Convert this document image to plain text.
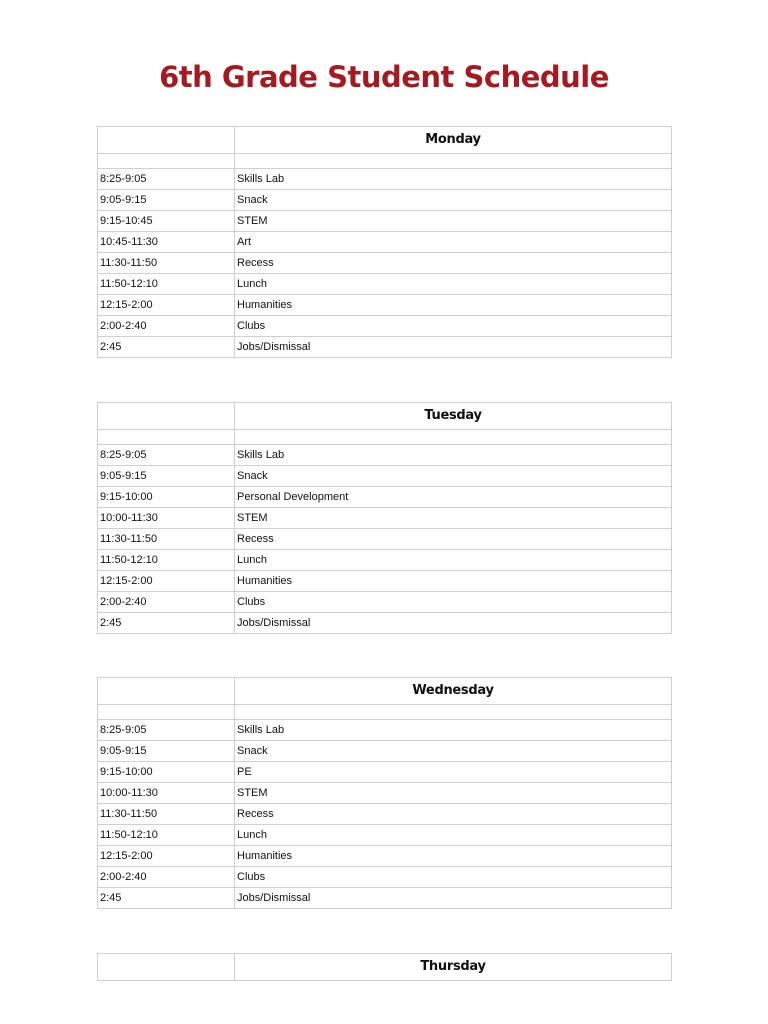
6th Grade Student Schedule
	Monday

8:25-9:05	Skills Lab
9:05-9:15	Snack
9:15-10:45	STEM
10:45-11:30	Art
11:30-11:50	Recess
11:50-12:10	Lunch
12:15-2:00	Humanities
2:00-2:40	Clubs
2:45	Jobs/Dismissal
	Tuesday

8:25-9:05	Skills Lab
9:05-9:15	Snack
9:15-10:00	Personal Development
10:00-11:30	STEM
11:30-11:50	Recess
11:50-12:10	Lunch
12:15-2:00	Humanities
2:00-2:40	Clubs
2:45	Jobs/Dismissal
	Wednesday

8:25-9:05	Skills Lab
9:05-9:15	Snack
9:15-10:00	PE
10:00-11:30	STEM
11:30-11:50	Recess
11:50-12:10	Lunch
12:15-2:00	Humanities
2:00-2:40	Clubs
2:45	Jobs/Dismissal
	Thursday
